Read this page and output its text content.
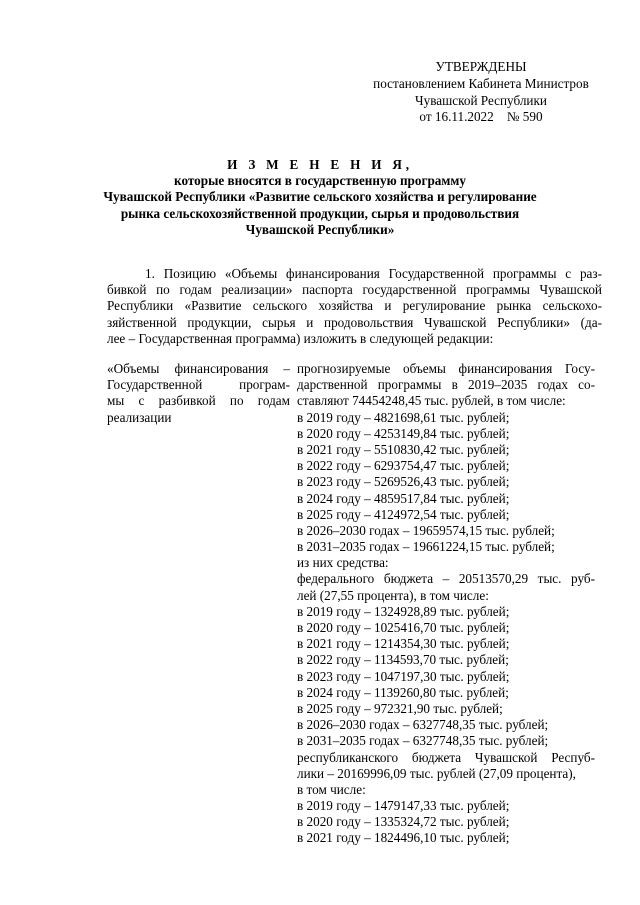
УТВЕРЖДЕНЫ
постановлением Кабинета Министров
Чувашской Республики
от 16.11.2022    № 590
И З М Е Н Е Н И Я,
которые вносятся в государственную программу
Чувашской Республики «Развитие сельского хозяйства и регулирование
рынка сельскохозяйственной продукции, сырья и продовольствия
Чувашской Республики»
1. Позицию «Объемы финансирования Государственной программы с раз-
бивкой по годам реализации» паспорта государственной программы Чувашской
Республики «Развитие сельского хозяйства и регулирование рынка сельскохо-
зяйственной продукции, сырья и продовольствия Чувашской Республики» (да-
лее – Государственная программа) изложить в следующей редакции:
«Объемы финансирования –
Государственной програм-
мы с разбивкой по годам
реализации
прогнозируемые объемы финансирования Госу-
дарственной программы в 2019–2035 годах со-
ставляют 74454248,45 тыс. рублей, в том числе:
в 2019 году – 4821698,61 тыс. рублей;
в 2020 году – 4253149,84 тыс. рублей;
в 2021 году – 5510830,42 тыс. рублей;
в 2022 году – 6293754,47 тыс. рублей;
в 2023 году – 5269526,43 тыс. рублей;
в 2024 году – 4859517,84 тыс. рублей;
в 2025 году – 4124972,54 тыс. рублей;
в 2026–2030 годах – 19659574,15 тыс. рублей;
в 2031–2035 годах – 19661224,15 тыс. рублей;
из них средства:
федерального бюджета – 20513570,29 тыс. руб-
лей (27,55 процента), в том числе:
в 2019 году – 1324928,89 тыс. рублей;
в 2020 году – 1025416,70 тыс. рублей;
в 2021 году – 1214354,30 тыс. рублей;
в 2022 году – 1134593,70 тыс. рублей;
в 2023 году – 1047197,30 тыс. рублей;
в 2024 году – 1139260,80 тыс. рублей;
в 2025 году – 972321,90 тыс. рублей;
в 2026–2030 годах – 6327748,35 тыс. рублей;
в 2031–2035 годах – 6327748,35 тыс. рублей;
республиканского бюджета Чувашской Респуб-
лики – 20169996,09 тыс. рублей (27,09 процента),
в том числе:
в 2019 году – 1479147,33 тыс. рублей;
в 2020 году – 1335324,72 тыс. рублей;
в 2021 году – 1824496,10 тыс. рублей;
